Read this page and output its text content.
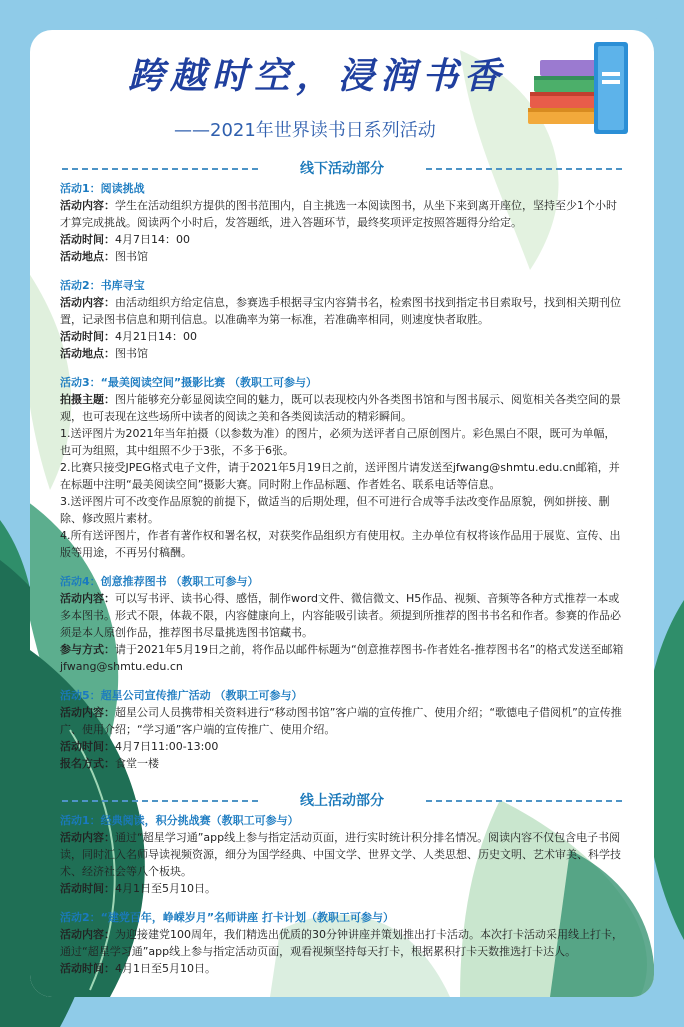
跨越时空，浸润书香
——2021年世界读书日系列活动
线下活动部分

活动1：阅读挑战

活动内容：学生在活动组织方提供的图书范围内，自主挑选一本阅读图书，从坐下来到离开座位，坚持至少1个小时才算完成挑战。阅读两个小时后，发答题纸，进入答题环节，最终奖项评定按照答题得分给定。

活动时间：4月7日14：00

活动地点：图书馆

活动2：书库寻宝

活动内容：由活动组织方给定信息，参赛选手根据寻宝内容猜书名，检索图书找到指定书目索取号，找到相关期刊位置，记录图书信息和期刊信息。以准确率为第一标准，若准确率相同，则速度快者取胜。

活动时间：4月21日14：00

活动地点：图书馆

活动3：“最美阅读空间”摄影比赛 （教职工可参与）

拍摄主题：图片能够充分彰显阅读空间的魅力，既可以表现校内外各类图书馆和与图书展示、阅览相关各类空间的景观，也可表现在这些场所中读者的阅读之美和各类阅读活动的精彩瞬间。

1.送评图片为2021年当年拍摄（以参数为准）的图片，必须为送评者自己原创图片。彩色黑白不限，既可为单幅，也可为组照，其中组照不少于3张，不多于6张。

2.比赛只接受JPEG格式电子文件，请于2021年5月19日之前，送评图片请发送至jfwang@shmtu.edu.cn邮箱，并在标题中注明“最美阅读空间”摄影大赛。同时附上作品标题、作者姓名、联系电话等信息。

3.送评图片可不改变作品原貌的前提下，做适当的后期处理，但不可进行合成等手法改变作品原貌，例如拼接、删除、修改照片素材。

4.所有送评图片，作者有著作权和署名权，对获奖作品组织方有使用权。主办单位有权将该作品用于展览、宣传、出版等用途，不再另付稿酬。

活动4：创意推荐图书 （教职工可参与）

活动内容：可以写书评、读书心得、感悟，制作word文件、微信微文、H5作品、视频、音频等各种方式推荐一本或多本图书。形式不限，体裁不限，内容健康向上，内容能吸引读者。须提到所推荐的图书书名和作者。参赛的作品必须是本人原创作品，推荐图书尽量挑选图书馆藏书。

参与方式：请于2021年5月19日之前，将作品以邮件标题为“创意推荐图书-作者姓名-推荐图书名”的格式发送至邮箱jfwang@shmtu.edu.cn

活动5：超星公司宣传推广活动 （教职工可参与）

活动内容：超星公司人员携带相关资料进行“移动图书馆”客户端的宣传推广、使用介绍；“歌德电子借阅机”的宣传推广、使用介绍；“学习通”客户端的宣传推广、使用介绍。

活动时间：4月7日11:00-13:00

报名方式：食堂一楼

线上活动部分

活动1：经典阅读，积分挑战赛（教职工可参与）

活动内容：通过“超星学习通”app线上参与指定活动页面，进行实时统计积分排名情况。阅读内容不仅包含电子书阅读，同时汇入名师导读视频资源，细分为国学经典、中国文学、世界文学、人类思想、历史文明、艺术审美、科学技术、经济社会等八个板块。

活动时间：4月1日至5月10日。

活动2：“建党百年，峥嵘岁月”名师讲座 打卡计划（教职工可参与）

活动内容：为迎接建党100周年，我们精选出优质的30分钟讲座并策划推出打卡活动。本次打卡活动采用线上打卡，通过“超星学习通”app线上参与指定活动页面，观看视频坚持每天打卡，根据累积打卡天数推选打卡达人。

活动时间：4月1日至5月10日。
